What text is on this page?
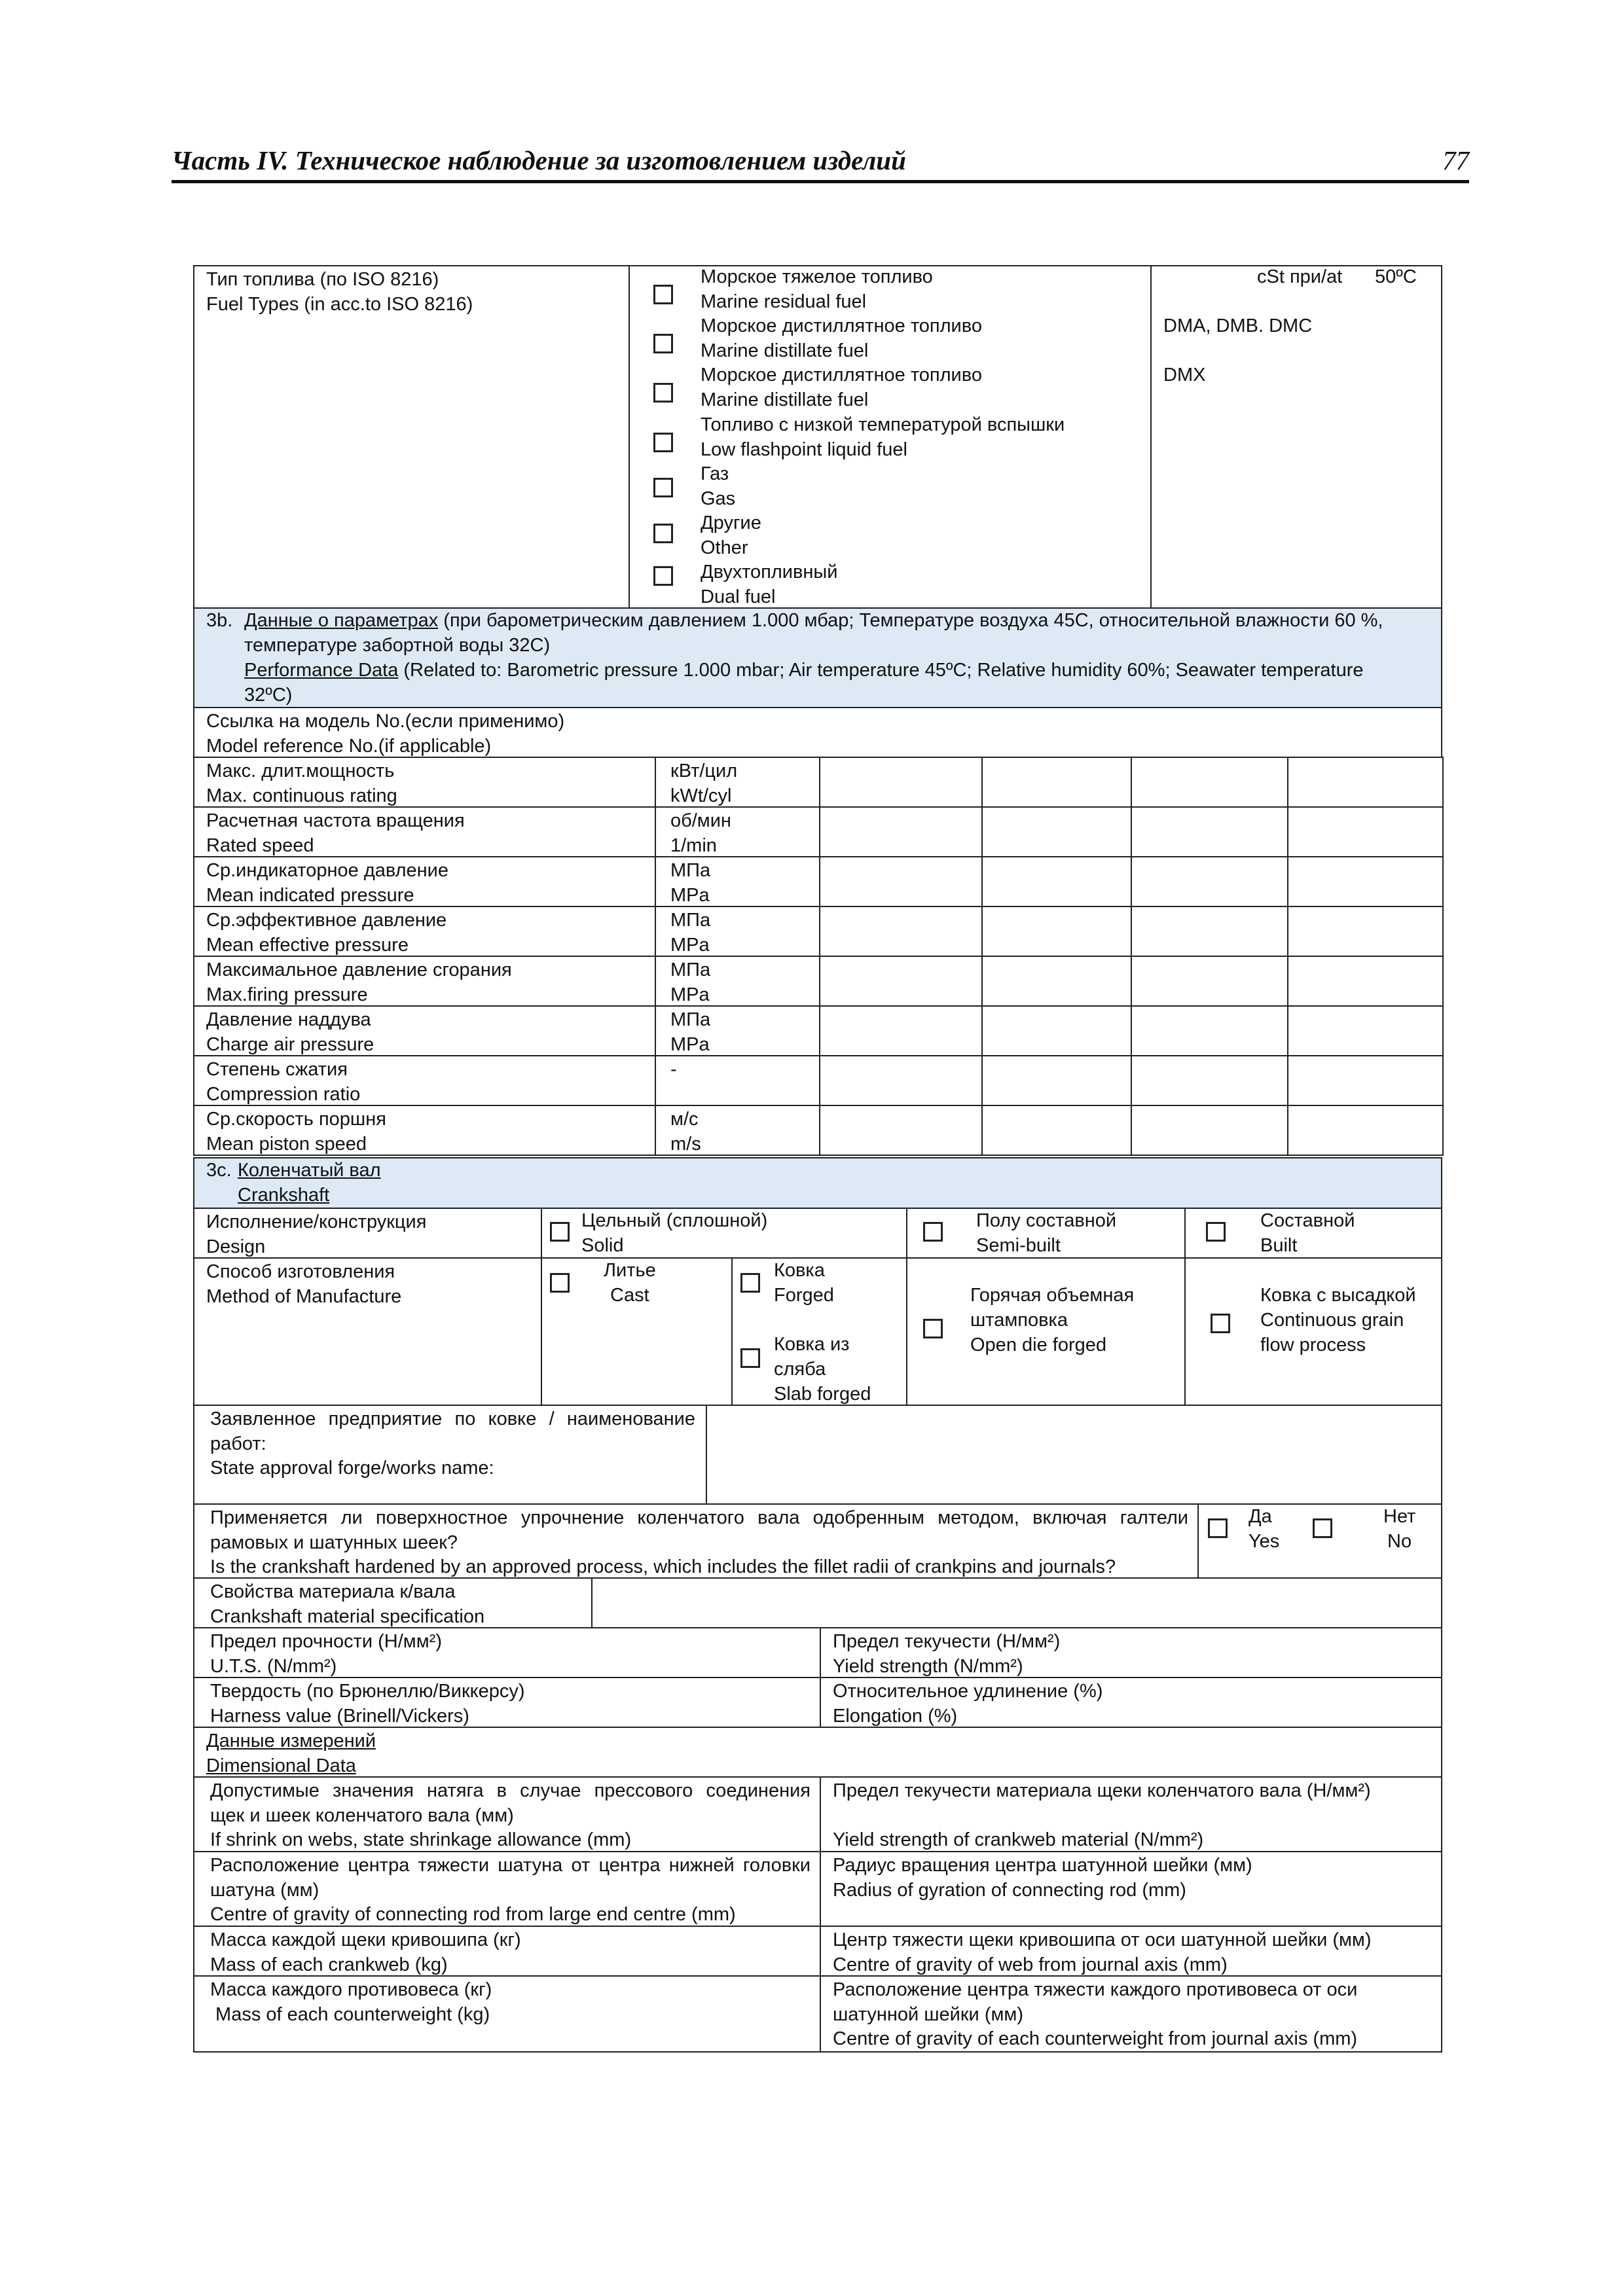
Часть IV. Техническое наблюдение за изготовлением изделий	77
Тип топлива (по ISO 8216)
Fuel Types (in acc.to ISO 8216)
Морское тяжелое топливо
Marine residual fuel
Морское дистиллятное топливо
Marine distillate fuel
Морское дистиллятное топливо
Marine distillate fuel
Топливо с низкой температурой вспышки
Low flashpoint liquid fuel
Газ
Gas
Другие
Other
Двухтопливный
Dual fuel
cSt при/at 50ºC
DMA, DMB. DMC
DMX
3b. Данные о параметрах (при барометрическим давлением 1.000 мбар; Температуре воздуха 45С, относительной влажности 60 %,
температуре забортной воды 32С)
Performance Data (Related to: Barometric pressure 1.000 mbar; Air temperature 45ºC; Relative humidity 60%; Seawater temperature
32ºC)
Ссылка на модель No.(если применимо)
Model reference No.(if applicable)
Макс. длит.мощность
Max. continuous rating
кВт/цил
kWt/cyl
Расчетная частота вращения
Rated speed
об/мин
1/min
Ср.индикаторное давление
Mean indicated pressure
МПа
MPa
Ср.эффективное давление
Mean effective pressure
МПа
MPa
Максимальное давление сгорания
Max.firing pressure
МПа
MPa
Давление наддува
Charge air pressure
МПа
MPa
Степень сжатия
Compression ratio
-
Ср.скорость поршня
Mean piston speed
м/с
m/s
3c. Коленчатый вал
Crankshaft
Исполнение/конструкция
Design
Цельный (сплошной)
Solid
Полу составной
Semi-built
Составной
Built
Способ изготовления
Method of Manufacture
Литье
Cast
Ковка
Forged
Ковка из
сляба
Slab forged
Горячая объемная
штамповка
Open die forged
Ковка с высадкой
Continuous grain
flow process
Заявленное предприятие по ковке / наименование
работ:
State approval forge/works name:
Применяется ли поверхностное упрочнение коленчатого вала одобренным методом, включая галтели
рамовых и шатунных шеек?
Is the crankshaft hardened by an approved process, which includes the fillet radii of crankpins and journals?
Да
Yes
Нет
No
Свойства материала к/вала
Crankshaft material specification
Предел прочности (Н/мм²)
U.T.S. (N/mm²)
Предел текучести (Н/мм²)
Yield strength (N/mm²)
Твердость (по Брюнеллю/Виккерсу)
Harness value (Brinell/Vickers)
Относительное удлинение (%)
Elongation (%)
Данные измерений
Dimensional Data
Допустимые значения натяга в случае прессового соединения
щек и шеек коленчатого вала (мм)
If shrink on webs, state shrinkage allowance (mm)
Предел текучести материала щеки коленчатого вала (Н/мм²)
Yield strength of crankweb material (N/mm²)
Расположение центра тяжести шатуна от центра нижней головки
шатуна (мм)
Centre of gravity of connecting rod from large end centre (mm)
Радиус вращения центра шатунной шейки (мм)
Radius of gyration of connecting rod (mm)
Масса каждой щеки кривошипа (кг)
Mass of each crankweb (kg)
Центр тяжести щеки кривошипа от оси шатунной шейки (мм)
Centre of gravity of web from journal axis (mm)
Масса каждого противовеса (кг)
Mass of each counterweight (kg)
Расположение центра тяжести каждого противовеса от оси
шатунной шейки (мм)
Centre of gravity of each counterweight from journal axis (mm)
